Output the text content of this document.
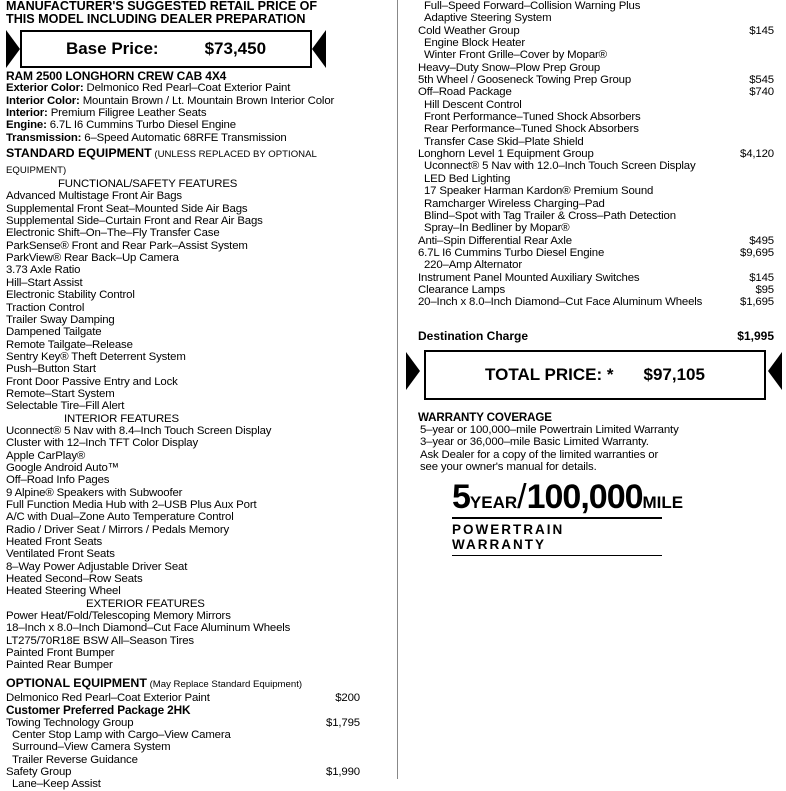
MANUFACTURER'S SUGGESTED RETAIL PRICE OF
THIS MODEL INCLUDING DEALER PREPARATION
RAM 2500 LONGHORN CREW CAB 4X4
Exterior Color: Delmonico Red Pearl–Coat Exterior Paint
Interior Color: Mountain Brown / Lt. Mountain Brown Interior Color
Interior: Premium Filigree Leather Seats
Engine: 6.7L I6 Cummins Turbo Diesel Engine
Transmission: 6–Speed Automatic 68RFE Transmission
STANDARD EQUIPMENT (UNLESS REPLACED BY OPTIONAL EQUIPMENT)
FUNCTIONAL/SAFETY FEATURES
Advanced Multistage Front Air Bags
Supplemental Front Seat–Mounted Side Air Bags
Supplemental Side–Curtain Front and Rear Air Bags
Electronic Shift–On–The–Fly Transfer Case
ParkSense® Front and Rear Park–Assist System
ParkView® Rear Back–Up Camera
3.73 Axle Ratio
Hill–Start Assist
Electronic Stability Control
Traction Control
Trailer Sway Damping
Dampened Tailgate
Remote Tailgate–Release
Sentry Key® Theft Deterrent System
Push–Button Start
Front Door Passive Entry and Lock
Remote–Start System
Selectable Tire–Fill Alert
INTERIOR FEATURES
Uconnect® 5 Nav with 8.4–Inch Touch Screen Display
Cluster with 12–Inch TFT Color Display
Apple CarPlay®
Google Android Auto™
Off–Road Info Pages
9 Alpine® Speakers with Subwoofer
Full Function Media Hub with 2–USB Plus Aux Port
A/C with Dual–Zone Auto Temperature Control
Radio / Driver Seat / Mirrors / Pedals Memory
Heated Front Seats
Ventilated Front Seats
8–Way Power Adjustable Driver Seat
Heated Second–Row Seats
Heated Steering Wheel
EXTERIOR FEATURES
Power Heat/Fold/Telescoping Memory Mirrors
18–Inch x 8.0–Inch Diamond–Cut Face Aluminum Wheels
LT275/70R18E BSW All–Season Tires
Painted Front Bumper
Painted Rear Bumper
OPTIONAL EQUIPMENT (May Replace Standard Equipment)
Delmonico Red Pearl–Coat Exterior Paint	$200
Customer Preferred Package 2HK
Towing Technology Group	$1,795
Center Stop Lamp with Cargo–View Camera
Surround–View Camera System
Trailer Reverse Guidance
Safety Group	$1,990
Lane–Keep Assist
Base Price:	$73,450
Full–Speed Forward–Collision Warning Plus
Adaptive Steering System
Cold Weather Group	$145
Engine Block Heater
Winter Front Grille–Cover by Mopar®
Heavy–Duty Snow–Plow Prep Group
5th Wheel / Gooseneck Towing Prep Group	$545
Off–Road Package	$740
Hill Descent Control
Front Performance–Tuned Shock Absorbers
Rear Performance–Tuned Shock Absorbers
Transfer Case Skid–Plate Shield
Longhorn Level 1 Equipment Group	$4,120
Uconnect® 5 Nav with 12.0–Inch Touch Screen Display
LED Bed Lighting
17 Speaker Harman Kardon® Premium Sound
Ramcharger Wireless Charging–Pad
Blind–Spot with Tag Trailer & Cross–Path Detection
Spray–In Bedliner by Mopar®
Anti–Spin Differential Rear Axle	$495
6.7L I6 Cummins Turbo Diesel Engine	$9,695
220–Amp Alternator
Instrument Panel Mounted Auxiliary Switches	$145
Clearance Lamps	$95
20–Inch x 8.0–Inch Diamond–Cut Face Aluminum Wheels	$1,695
Destination Charge	$1,995
WARRANTY COVERAGE
5–year or 100,000–mile Powertrain Limited Warranty
3–year or 36,000–mile Basic Limited Warranty.
Ask Dealer for a copy of the limited warranties or
see your owner's manual for details.
TOTAL PRICE: * $97,105
5 YEAR / 100,000 MILE
POWERTRAIN WARRANTY
